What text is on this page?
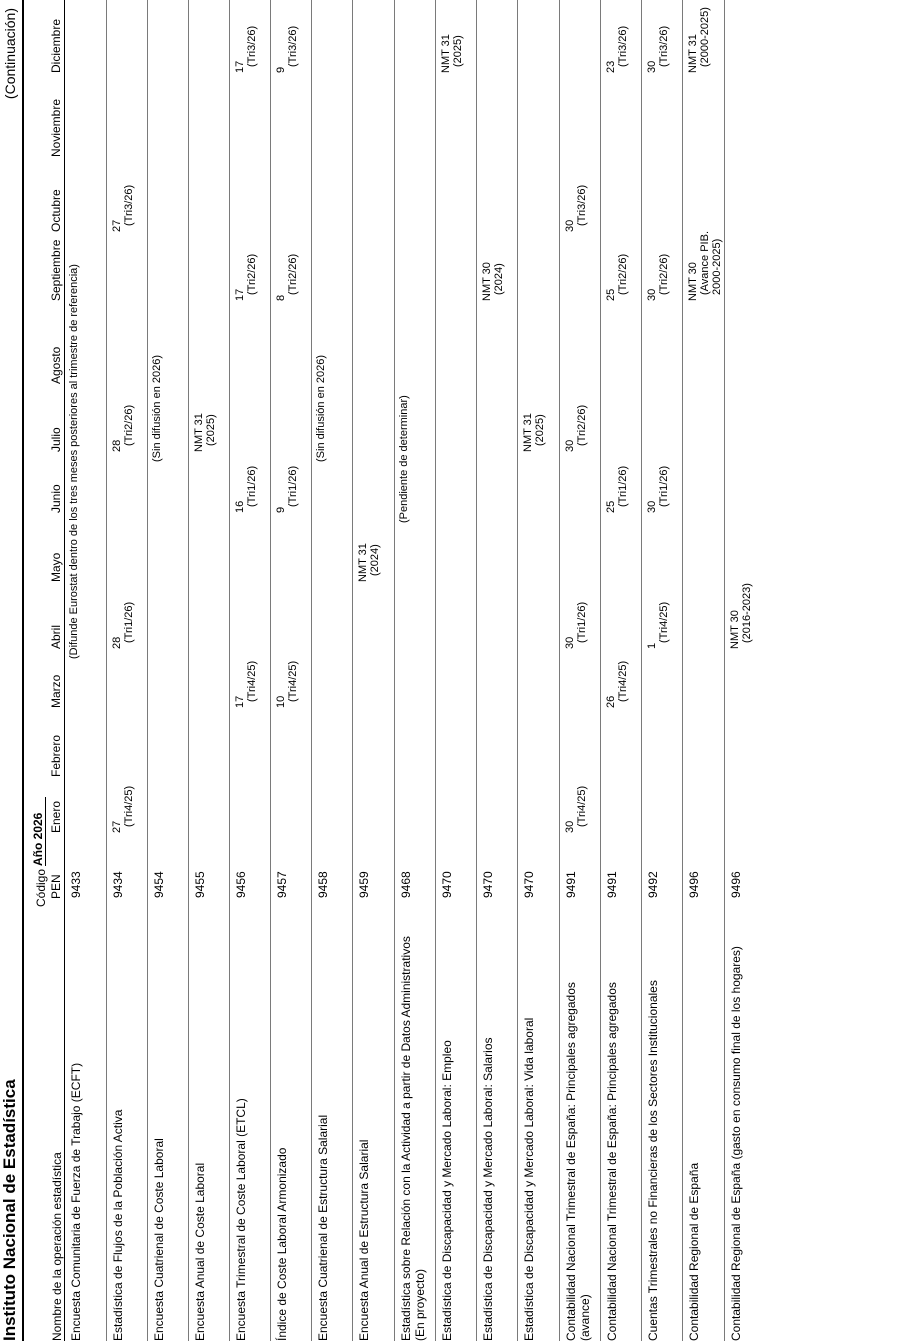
Instituto Nacional de Estadística
(Continuación)
Nombre de la operación estadística
Código PEN
Año 2026 Enero
Febrero
Marzo
Abril
Mayo
Junio
Julio
Agosto
Septiembre
Octubre
Noviembre
Diciembre
Encuesta Comunitaria de Fuerza de Trabajo (ECFT)
9433
(Difunde Eurostat dentro de los tres meses posteriores al trimestre de referencia)
Estadística de Flujos de la Población Activa
9434
27 (Tri4/25)
28 (Tri1/26)
28 (Tri2/26)
27 (Tri3/26)
Encuesta Cuatrienal de Coste Laboral
9454
(Sin difusión en 2026)
Encuesta Anual de Coste Laboral
9455
NMT 31 (2025)
Encuesta Trimestral de Coste Laboral (ETCL)
9456
17 (Tri4/25)
16 (Tri1/26)
17 (Tri2/26)
17 (Tri3/26)
Índice de Coste Laboral Armonizado
9457
10 (Tri4/25)
9
(Tri1/26)
8
(Tri2/26)
9
(Tri3/26)
Encuesta Cuatrienal de Estructura Salarial
9458
(Sin difusión en 2026)
Encuesta Anual de Estructura Salarial
9459
NMT 31 (2024)
Estadística sobre Relación con la Actividad a partir de Datos Administrativos (En proyecto)
9468
(Pendiente de determinar)
Estadística de Discapacidad y Mercado Laboral: Empleo
9470
NMT 31 (2025)
Estadística de Discapacidad y Mercado Laboral: Salarios
9470
NMT 30 (2024)
Estadística de Discapacidad y Mercado Laboral: Vida laboral
9470
NMT 31 (2025)
Contabilidad Nacional Trimestral de España: Principales agregados (avance)
9491
30 (Tri4/25)
30 (Tri1/26)
30 (Tri2/26)
30 (Tri3/26)
Contabilidad Nacional Trimestral de España: Principales agregados
9491
26 (Tri4/25)
25 (Tri1/26)
25 (Tri2/26)
23 (Tri3/26)
Cuentas Trimestrales no Financieras de los Sectores Institucionales
9492
1
(Tri4/25)
30 (Tri1/26)
30 (Tri2/26)
30 (Tri3/26)
Contabilidad Regional de España
9496
NMT 30 (Avance PIB. 2000-2025)
NMT 31 (2000-2025)
Contabilidad Regional de España (gasto en consumo final de los hogares)
9496
NMT 30 (2016-2023)
